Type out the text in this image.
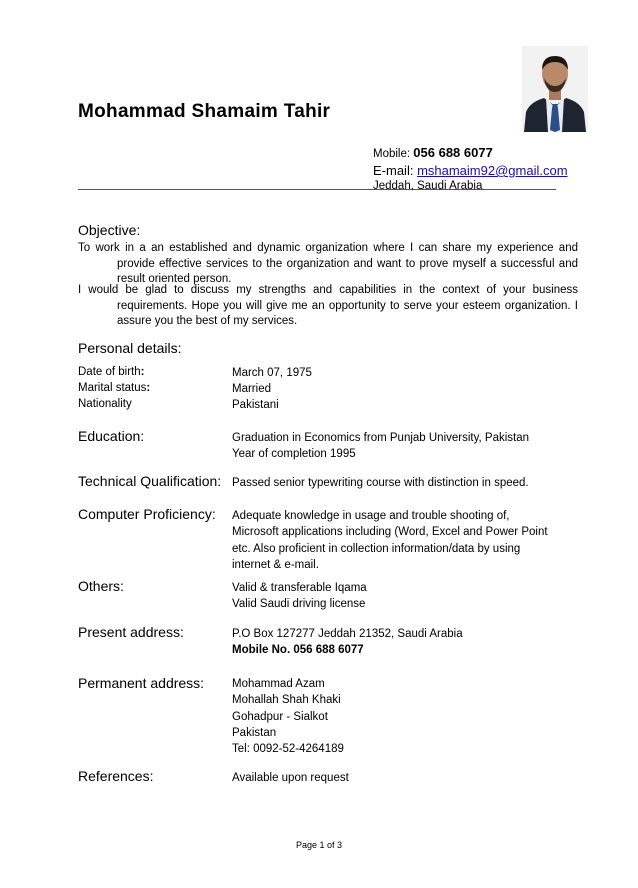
Mohammad Shamaim Tahir
Mobile: 056 688 6077
E-mail: mshamaim92@gmail.com
Jeddah, Saudi Arabia
Objective:
To work in a an established and dynamic organization where I can share my experience and provide effective services to the organization and want to prove myself a successful and result oriented person.
I would be glad to discuss my strengths and capabilities in the context of your business requirements. Hope you will give me an opportunity to serve your esteem organization. I assure you the best of my services.
Personal details:
Date of birth:	March 07, 1975
Marital status:	Married
Nationality	Pakistani
Education:	Graduation in Economics from Punjab University, Pakistan
Year of completion 1995
Technical Qualification: Passed senior typewriting course with distinction in speed.
Computer Proficiency: Adequate knowledge in usage and trouble shooting of,
Microsoft applications including (Word, Excel and Power Point
etc. Also proficient in collection information/data by using
internet & e-mail.
Others:	Valid & transferable Iqama
Valid Saudi driving license
Present address:	P.O Box 127277 Jeddah 21352, Saudi Arabia
Mobile No. 056 688 6077
Permanent address: Mohammad Azam
Mohallah Shah Khaki
Gohadpur - Sialkot
Pakistan
Tel: 0092-52-4264189
References:	Available upon request
Page 1 of 3
